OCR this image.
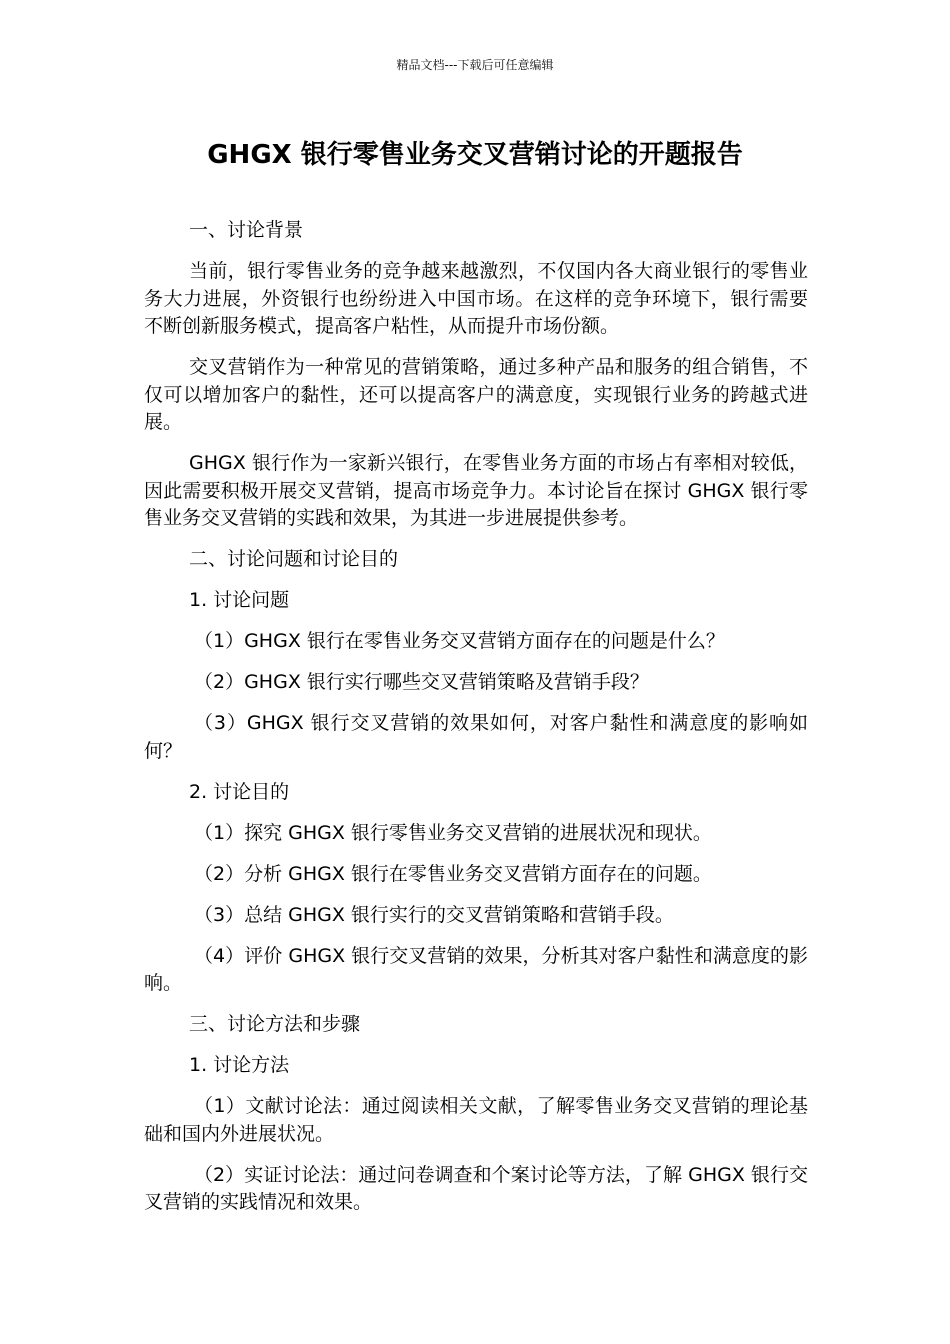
精品文档---下载后可任意编辑
GHGX 银行零售业务交叉营销讨论的开题报告

一、讨论背景

当前，银行零售业务的竞争越来越激烈，不仅国内各大商业银行的零售业务大力进展，外资银行也纷纷进入中国市场。在这样的竞争环境下，银行需要不断创新服务模式，提高客户粘性，从而提升市场份额。

交叉营销作为一种常见的营销策略，通过多种产品和服务的组合销售，不仅可以增加客户的黏性，还可以提高客户的满意度，实现银行业务的跨越式进展。

GHGX 银行作为一家新兴银行，在零售业务方面的市场占有率相对较低，因此需要积极开展交叉营销，提高市场竞争力。本讨论旨在探讨 GHGX 银行零售业务交叉营销的实践和效果，为其进一步进展提供参考。

二、讨论问题和讨论目的

1. 讨论问题

（1）GHGX 银行在零售业务交叉营销方面存在的问题是什么？

（2）GHGX 银行实行哪些交叉营销策略及营销手段？

（3）GHGX 银行交叉营销的效果如何，对客户黏性和满意度的影响如何？

2. 讨论目的

（1）探究 GHGX 银行零售业务交叉营销的进展状况和现状。

（2）分析 GHGX 银行在零售业务交叉营销方面存在的问题。

（3）总结 GHGX 银行实行的交叉营销策略和营销手段。

（4）评价 GHGX 银行交叉营销的效果，分析其对客户黏性和满意度的影响。

三、讨论方法和步骤

1. 讨论方法

（1）文献讨论法：通过阅读相关文献，了解零售业务交叉营销的理论基础和国内外进展状况。

（2）实证讨论法：通过问卷调查和个案讨论等方法，了解 GHGX 银行交叉营销的实践情况和效果。
